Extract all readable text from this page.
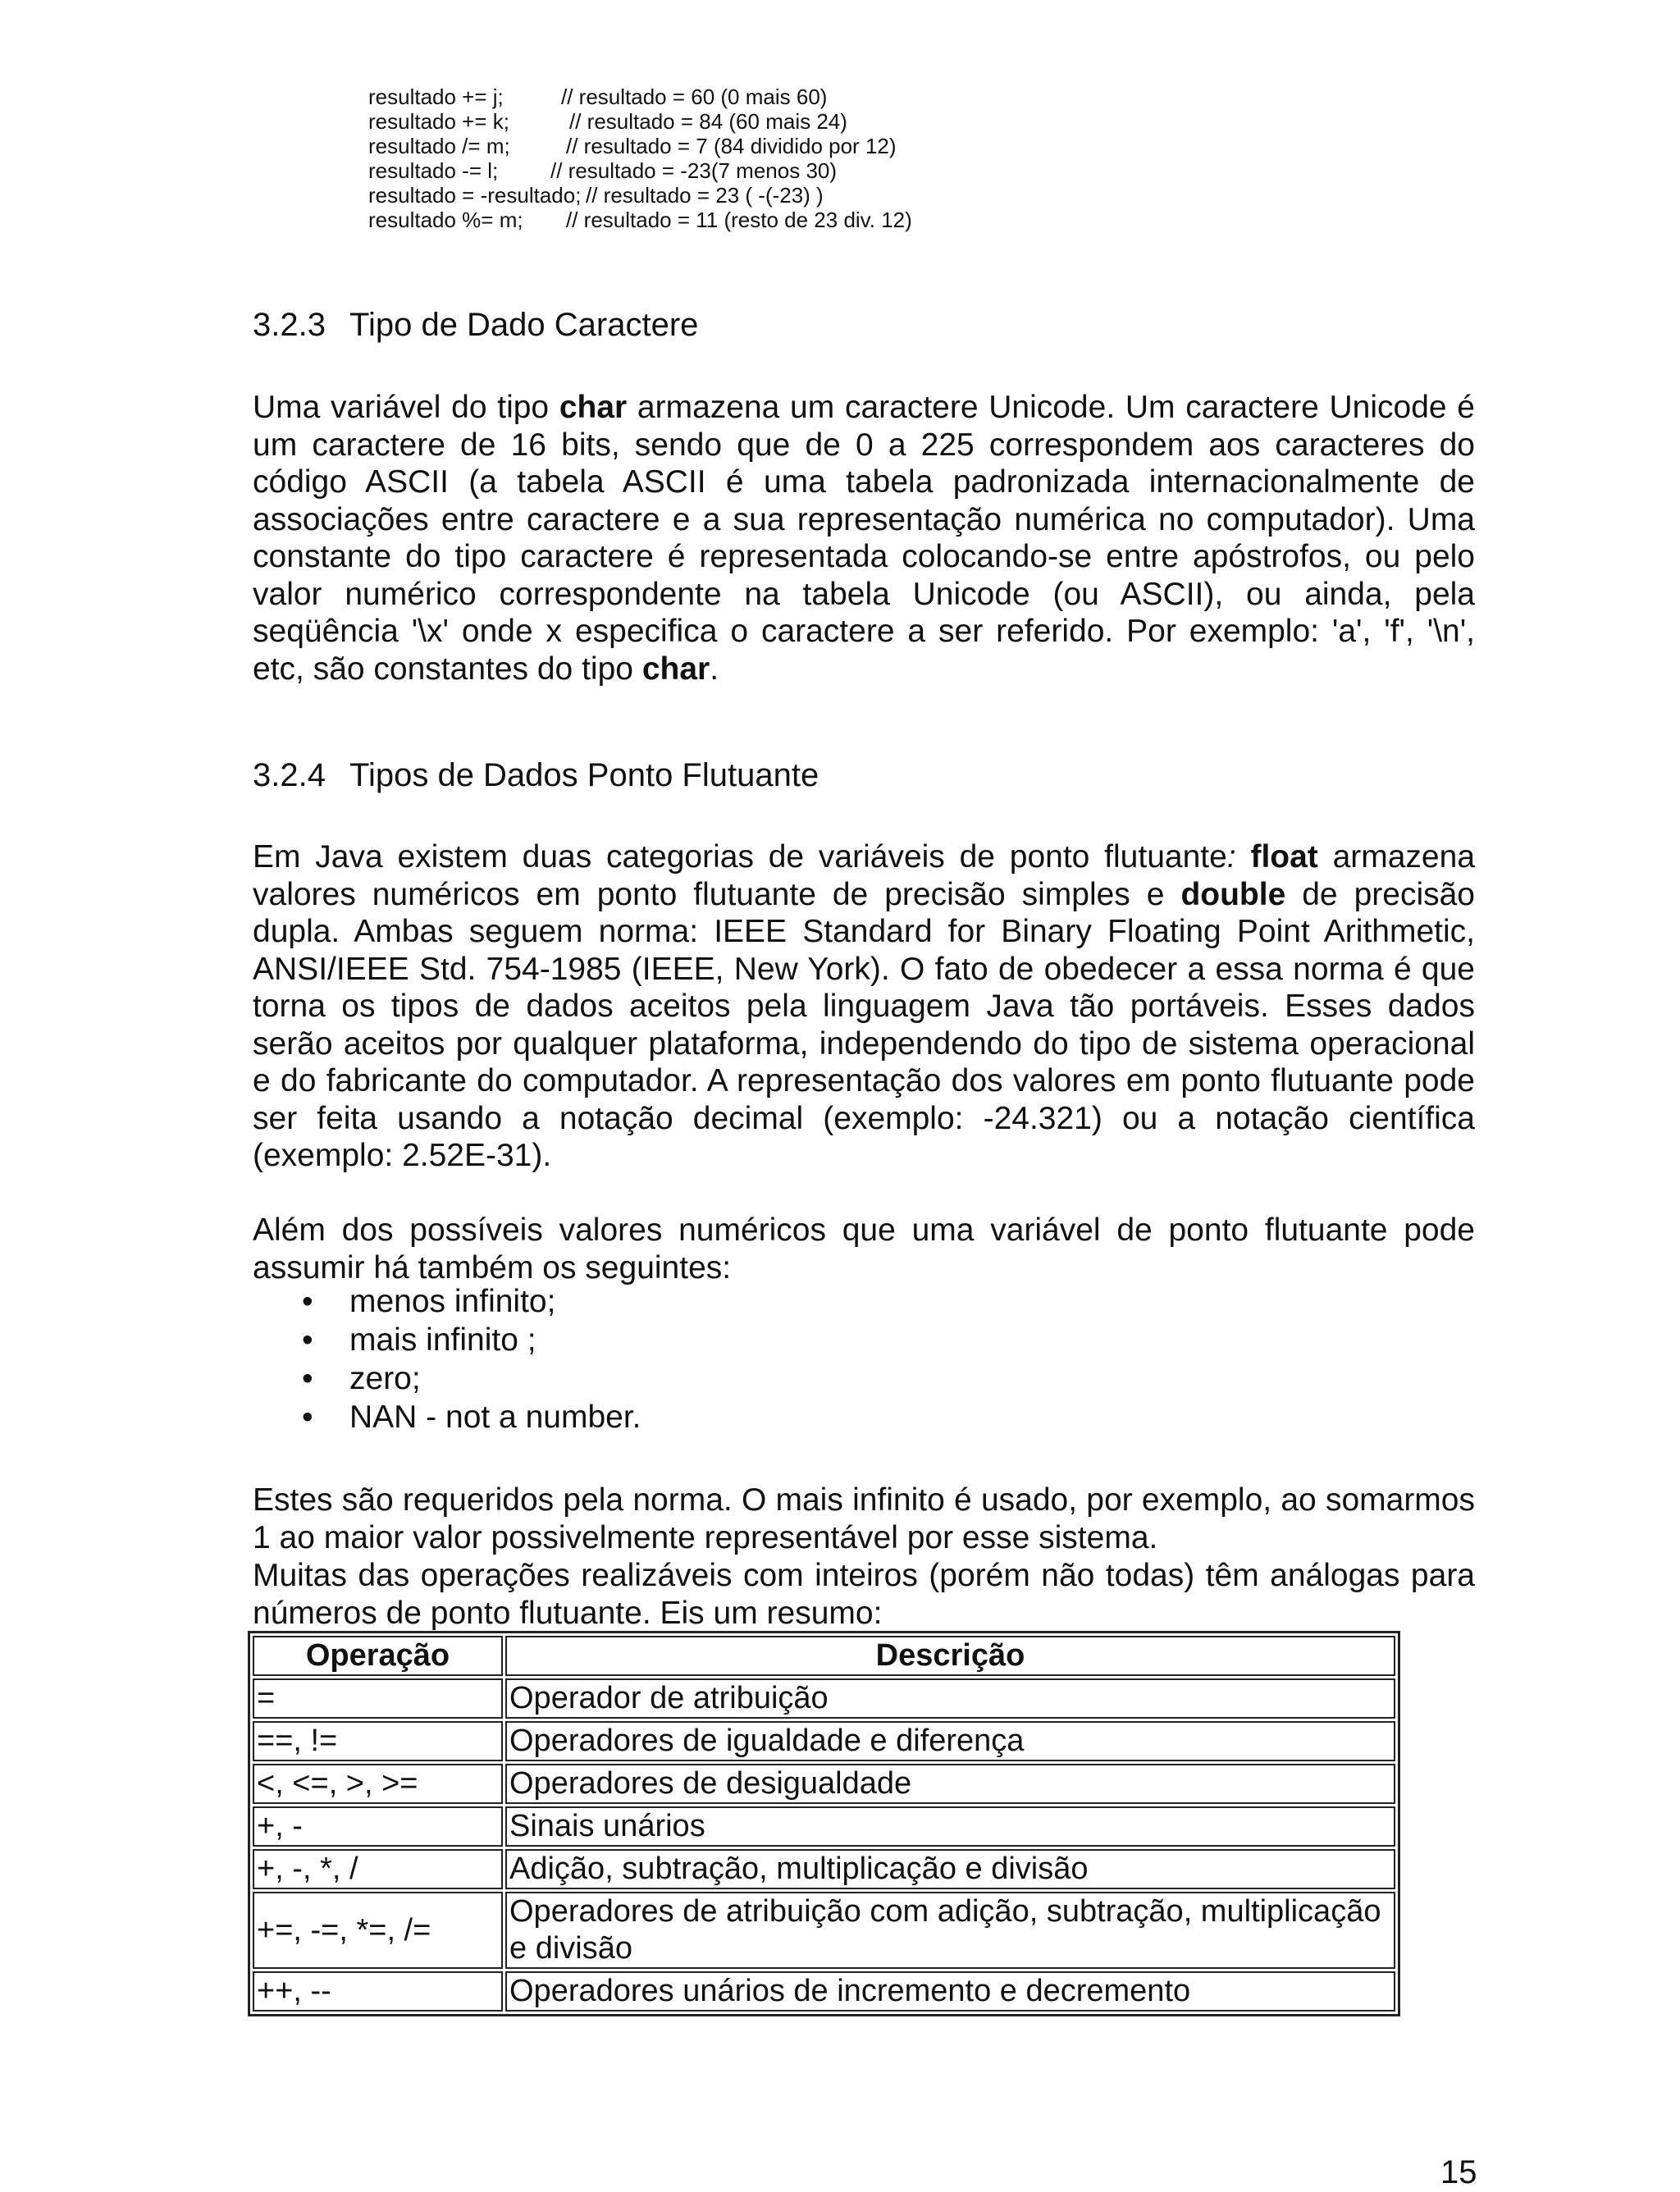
resultado += j;	// resultado = 60 (0 mais 60)
resultado += k;	// resultado = 84 (60 mais 24)
resultado /= m;	// resultado = 7 (84 dividido por 12)
resultado -= l; // resultado = -23(7 menos 30)
resultado = -resultado; // resultado = 23 ( -(-23) )
resultado %= m; // resultado = 11 (resto de 23 div. 12)
3.2.3 Tipo de Dado Caractere
Uma variável do tipo char armazena um caractere Unicode. Um caractere Unicode é um caractere de 16 bits, sendo que de 0 a 225 correspondem aos caracteres do código ASCII (a tabela ASCII é uma tabela padronizada internacionalmente de associações entre caractere e a sua representação numérica no computador). Uma constante do tipo caractere é representada colocando-se entre apóstrofos, ou pelo valor numérico correspondente na tabela Unicode (ou ASCII), ou ainda, pela seqüência '\x' onde x especifica o caractere a ser referido. Por exemplo: 'a', 'f', '\n', etc, são constantes do tipo char.
3.2.4 Tipos de Dados Ponto Flutuante
Em Java existem duas categorias de variáveis de ponto flutuante: float armazena valores numéricos em ponto flutuante de precisão simples e double de precisão dupla. Ambas seguem norma: IEEE Standard for Binary Floating Point Arithmetic, ANSI/IEEE Std. 754-1985 (IEEE, New York). O fato de obedecer a essa norma é que torna os tipos de dados aceitos pela linguagem Java tão portáveis. Esses dados serão aceitos por qualquer plataforma, independendo do tipo de sistema operacional e do fabricante do computador. A representação dos valores em ponto flutuante pode ser feita usando a notação decimal (exemplo: -24.321) ou a notação científica (exemplo: 2.52E-31).
Além dos possíveis valores numéricos que uma variável de ponto flutuante pode assumir há também os seguintes:
• menos infinito;
• mais infinito ;
• zero;
• NAN - not a number.
Estes são requeridos pela norma. O mais infinito é usado, por exemplo, ao somarmos 1 ao maior valor possivelmente representável por esse sistema.
Muitas das operações realizáveis com inteiros (porém não todas) têm análogas para números de ponto flutuante. Eis um resumo:
Operação	Descrição
=	Operador de atribuição
==, !=	Operadores de igualdade e diferença
<, <=, >, >=	Operadores de desigualdade
+, -	Sinais unários
+, -, *, /	Adição, subtração, multiplicação e divisão
+=, -=, *=, /=	Operadores de atribuição com adição, subtração, multiplicação e divisão
++, --	Operadores unários de incremento e decremento
15
